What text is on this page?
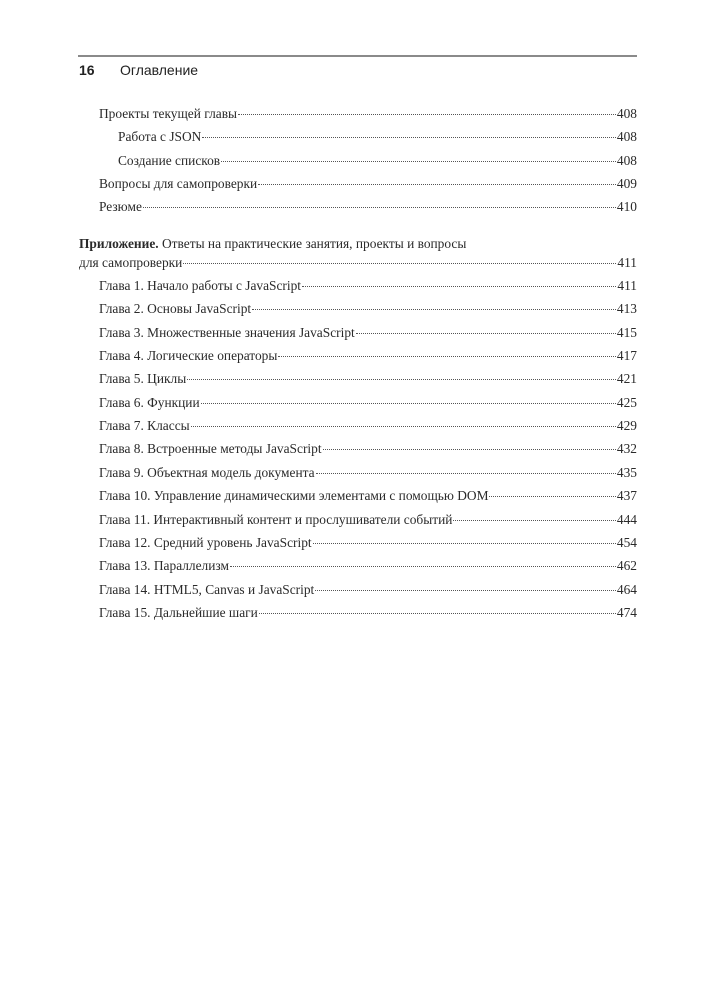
16 Оглавление
Проекты текущей главы	408
Работа с JSON	408
Создание списков	408
Вопросы для самопроверки	409
Резюме	410
Приложение. Ответы на практические занятия, проекты и вопросы
для самопроверки	411
Глава 1. Начало работы с JavaScript	411
Глава 2. Основы JavaScript	413
Глава 3. Множественные значения JavaScript	415
Глава 4. Логические операторы	417
Глава 5. Циклы	421
Глава 6. Функции	425
Глава 7. Классы	429
Глава 8. Встроенные методы JavaScript	432
Глава 9. Объектная модель документа	435
Глава 10. Управление динамическими элементами с помощью DOM	437
Глава 11. Интерактивный контент и прослушиватели событий	444
Глава 12. Средний уровень JavaScript	454
Глава 13. Параллелизм	462
Глава 14. HTML5, Canvas и JavaScript	464
Глава 15. Дальнейшие шаги	474
